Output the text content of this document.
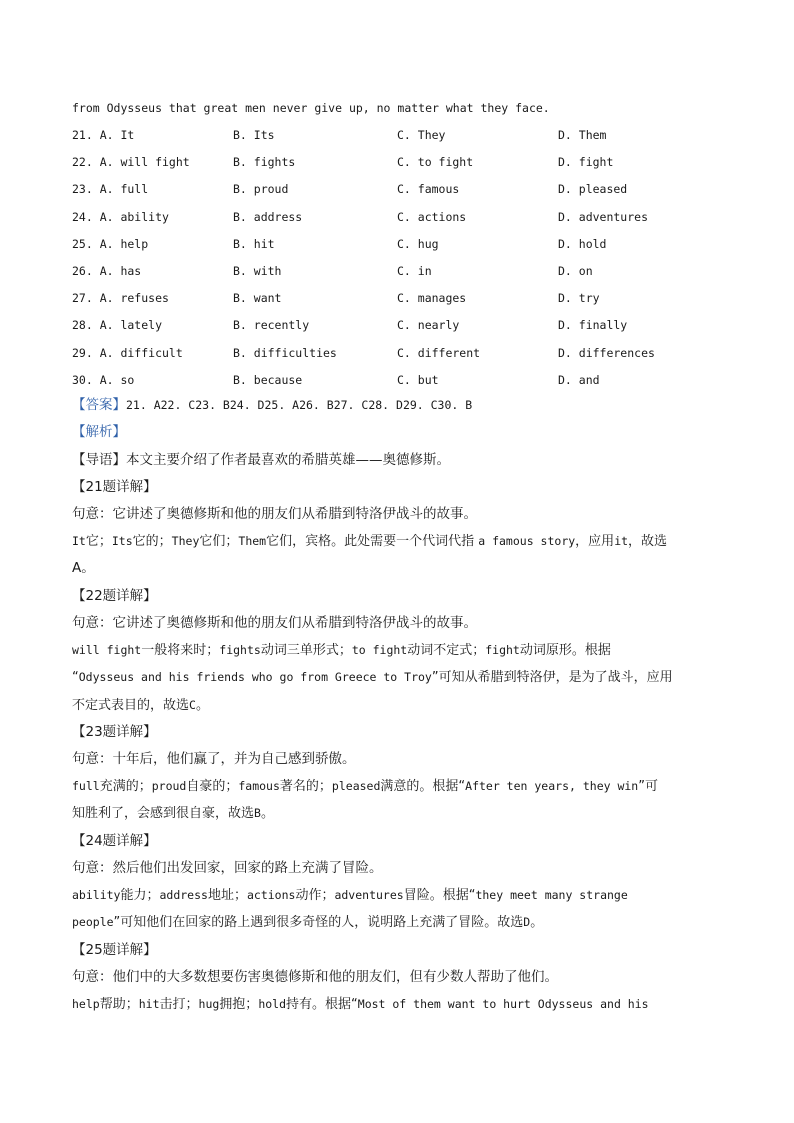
from Odysseus that great men never give up, no matter what they face.
21. A. It	B. Its	C. They	D. Them
22. A. will fight	B. fights	C. to fight	D. fight
23. A. full	B. proud	C. famous	D. pleased
24. A. ability	B. address	C. actions	D. adventures
25. A. help	B. hit	C. hug	D. hold
26. A. has	B. with	C. in	D. on
27. A. refuses	B. want	C. manages	D. try
28. A. lately	B. recently	C. nearly	D. finally
29. A. difficult	B. difficulties	C. different	D. differences
30. A. so	B. because	C. but	D. and
【答案】21. A22. C23. B24. D25. A26. B27. C28. D29. C30. B
【解析】
【导语】本文主要介绍了作者最喜欢的希腊英雄——奥德修斯。
【21题详解】
句意：它讲述了奥德修斯和他的朋友们从希腊到特洛伊战斗的故事。
It它；Its它的；They它们；Them它们，宾格。此处需要一个代词代指 a famous story，应用it，故选
A。
【22题详解】
句意：它讲述了奥德修斯和他的朋友们从希腊到特洛伊战斗的故事。
will fight一般将来时；fights动词三单形式；to fight动词不定式；fight动词原形。根据
“Odysseus and his friends who go from Greece to Troy”可知从希腊到特洛伊，是为了战斗，应用
不定式表目的，故选C。
【23题详解】
句意：十年后，他们赢了，并为自己感到骄傲。
full充满的；proud自豪的；famous著名的；pleased满意的。根据“After ten years, they win”可
知胜利了，会感到很自豪，故选B。
【24题详解】
句意：然后他们出发回家，回家的路上充满了冒险。
ability能力；address地址；actions动作；adventures冒险。根据“they meet many strange
people”可知他们在回家的路上遇到很多奇怪的人，说明路上充满了冒险。故选D。
【25题详解】
句意：他们中的大多数想要伤害奥德修斯和他的朋友们，但有少数人帮助了他们。
help帮助；hit击打；hug拥抱；hold持有。根据“Most of them want to hurt Odysseus and his
